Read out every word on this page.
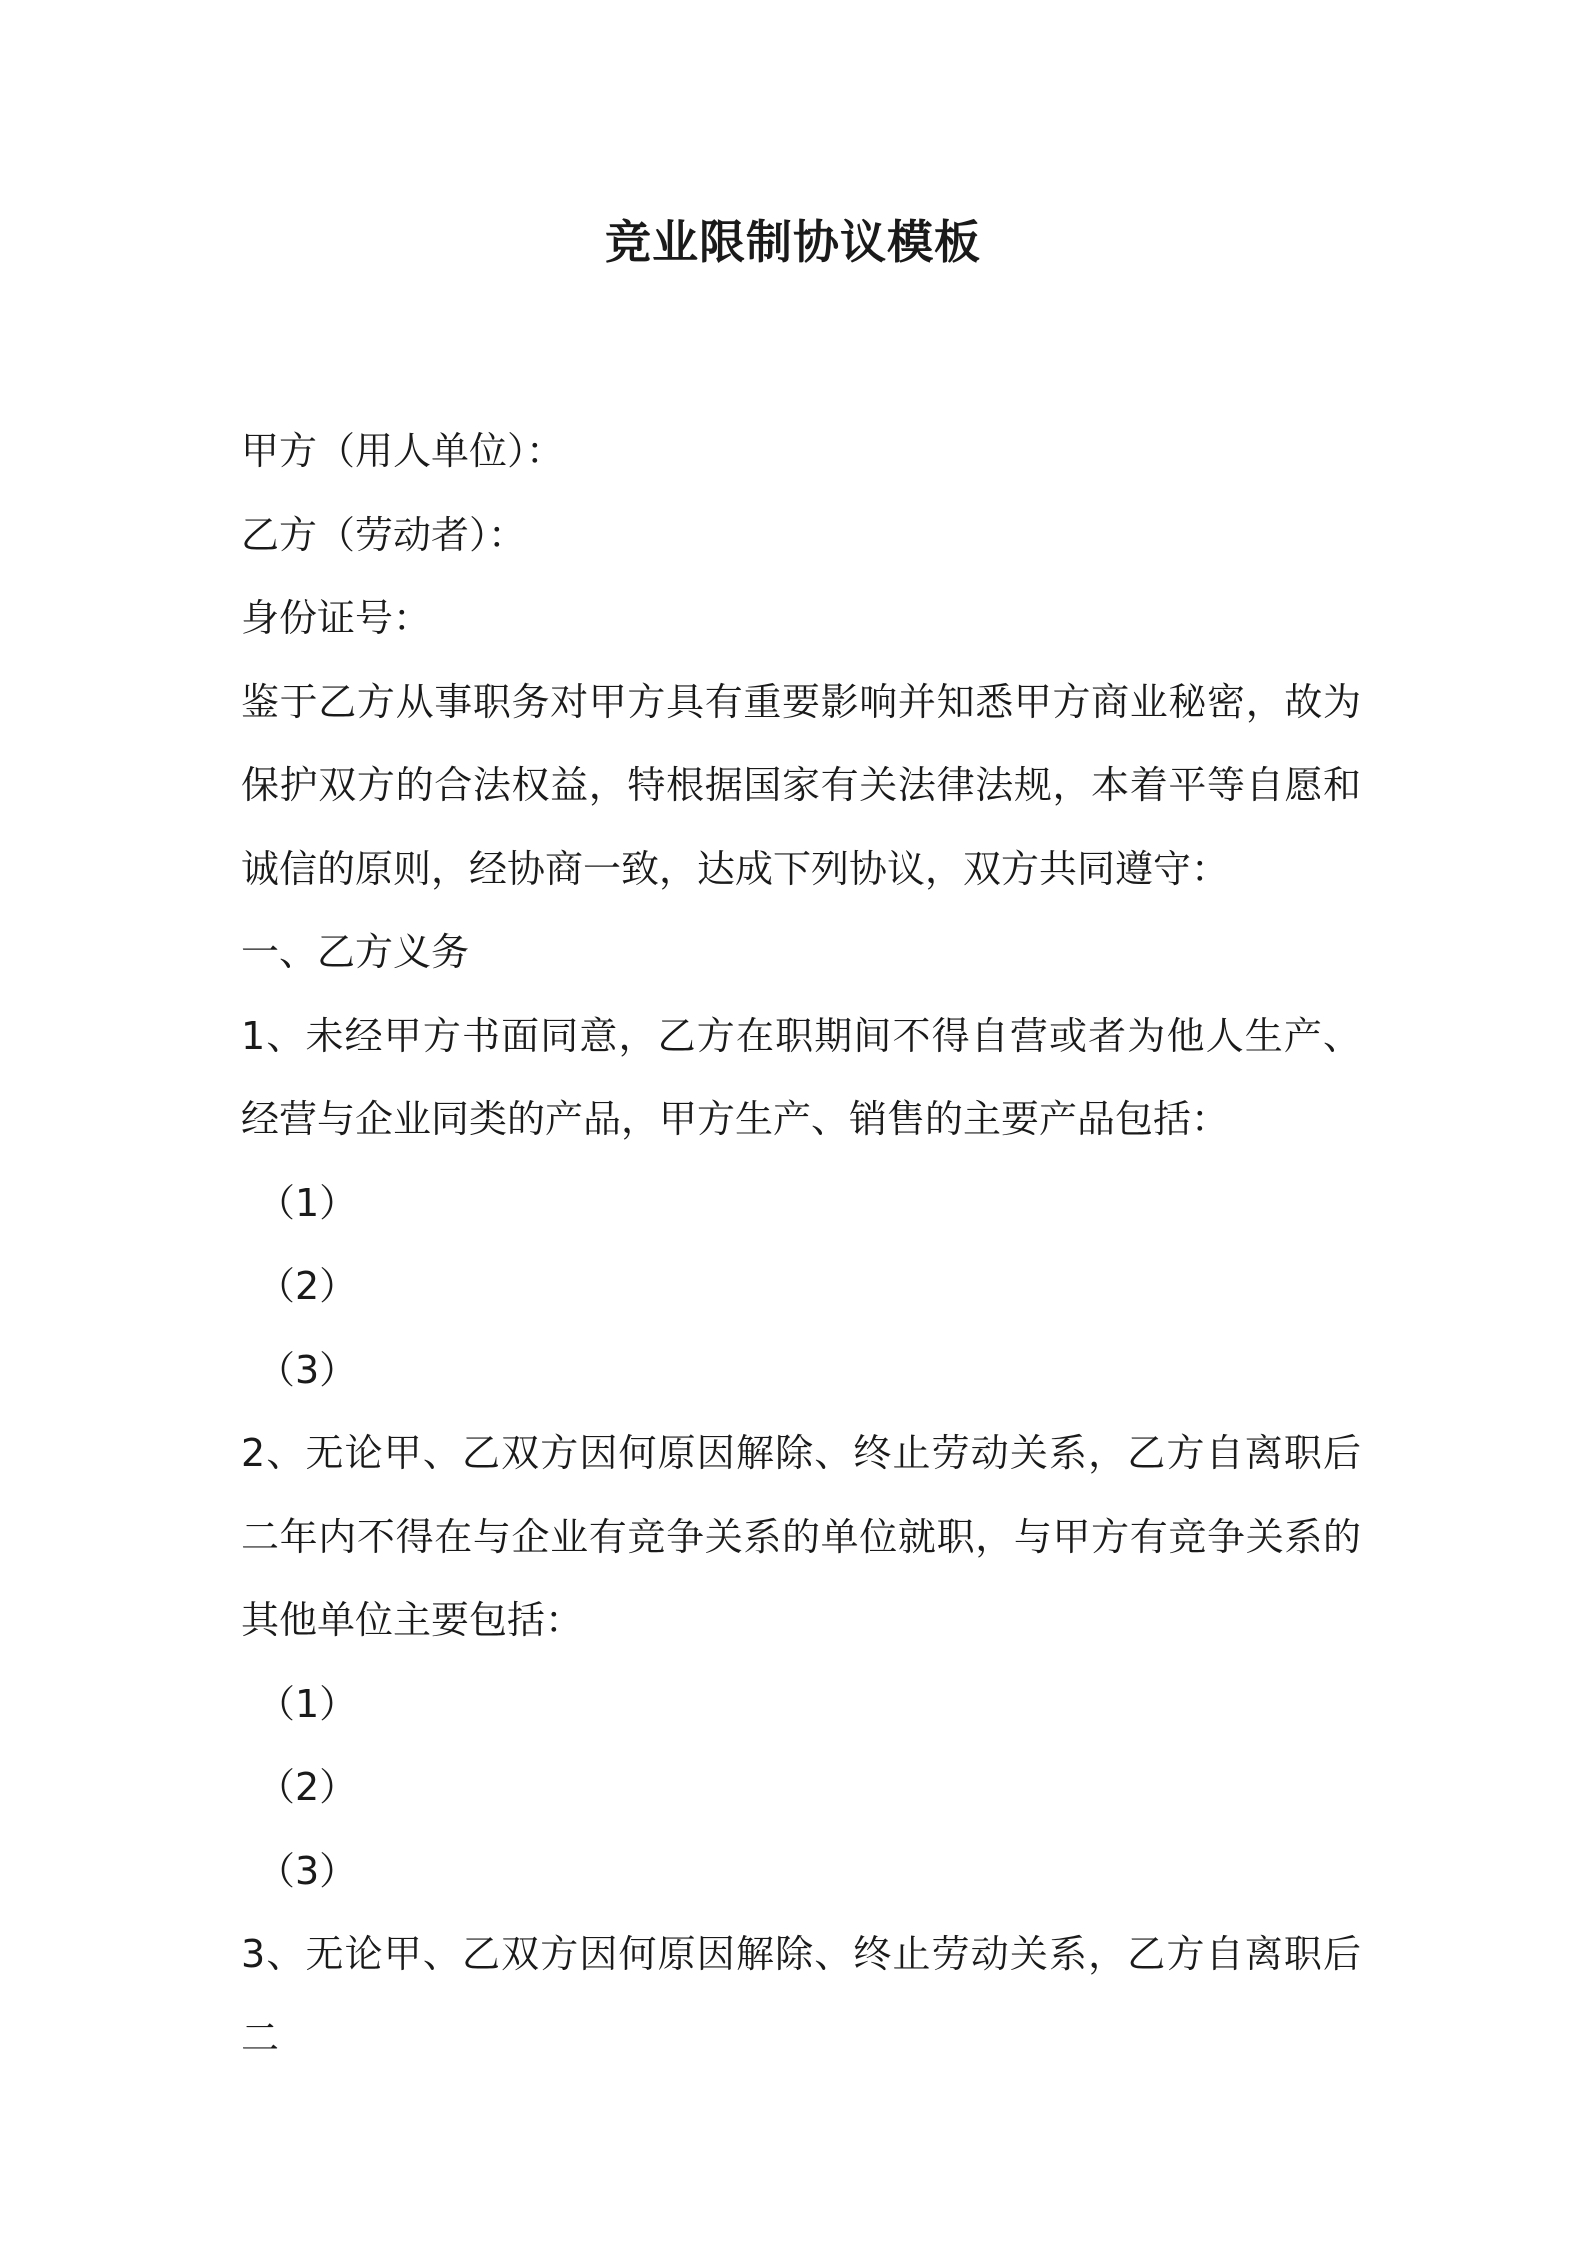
竞业限制协议模板

甲方（用人单位）：

乙方（劳动者）：

身份证号：

鉴于乙方从事职务对甲方具有重要影响并知悉甲方商业秘密，故为保护双方的合法权益，特根据国家有关法律法规，本着平等自愿和诚信的原则，经协商一致，达成下列协议，双方共同遵守：

一、乙方义务

1、未经甲方书面同意，乙方在职期间不得自营或者为他人生产、经营与企业同类的产品，甲方生产、销售的主要产品包括：

（1）

（2）

（3）

2、无论甲、乙双方因何原因解除、终止劳动关系，乙方自离职后二年内不得在与企业有竞争关系的单位就职，与甲方有竞争关系的其他单位主要包括：

（1）

（2）

（3）

3、无论甲、乙双方因何原因解除、终止劳动关系，乙方自离职后二
